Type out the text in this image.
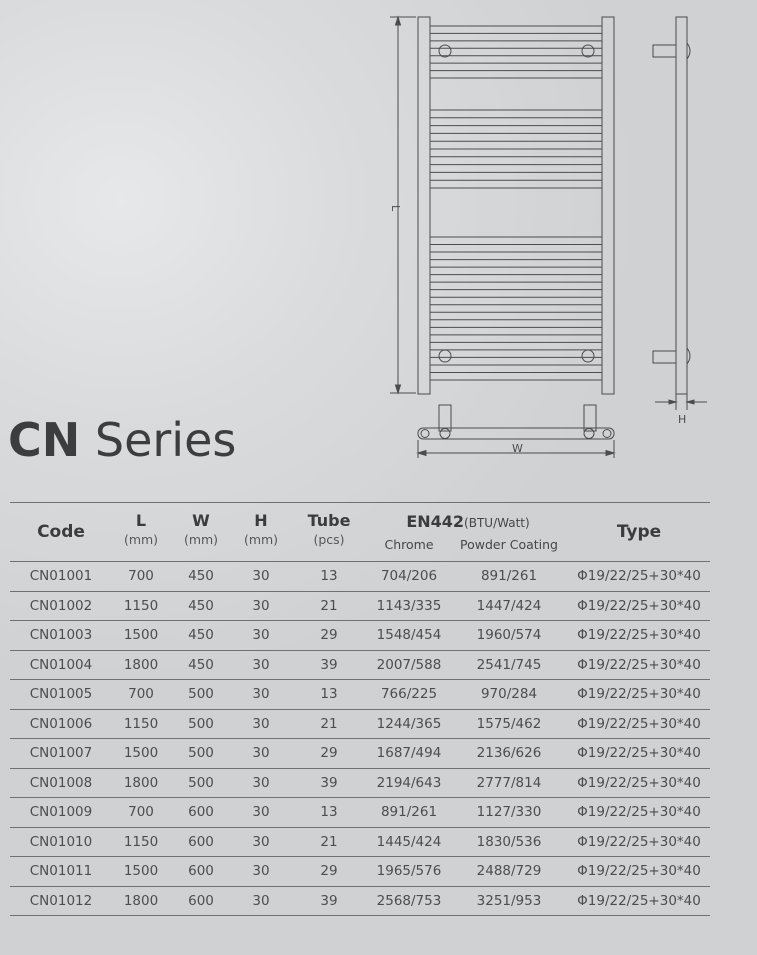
L
W
H
CN Series
Code
L
(mm)
W
(mm)
H
(mm)
Tube
(pcs)
EN442(BTU/Watt)
Chrome	Powder Coating
Type
CN01001	700	450	30	13	704/206	891/261	Φ19/22/25+30*40
CN01002	1150	450	30	21	1143/335	1447/424	Φ19/22/25+30*40
CN01003	1500	450	30	29	1548/454	1960/574	Φ19/22/25+30*40
CN01004	1800	450	30	39	2007/588	2541/745	Φ19/22/25+30*40
CN01005	700	500	30	13	766/225	970/284	Φ19/22/25+30*40
CN01006	1150	500	30	21	1244/365	1575/462	Φ19/22/25+30*40
CN01007	1500	500	30	29	1687/494	2136/626	Φ19/22/25+30*40
CN01008	1800	500	30	39	2194/643	2777/814	Φ19/22/25+30*40
CN01009	700	600	30	13	891/261	1127/330	Φ19/22/25+30*40
CN01010	1150	600	30	21	1445/424	1830/536	Φ19/22/25+30*40
CN01011	1500	600	30	29	1965/576	2488/729	Φ19/22/25+30*40
CN01012	1800	600	30	39	2568/753	3251/953	Φ19/22/25+30*40
